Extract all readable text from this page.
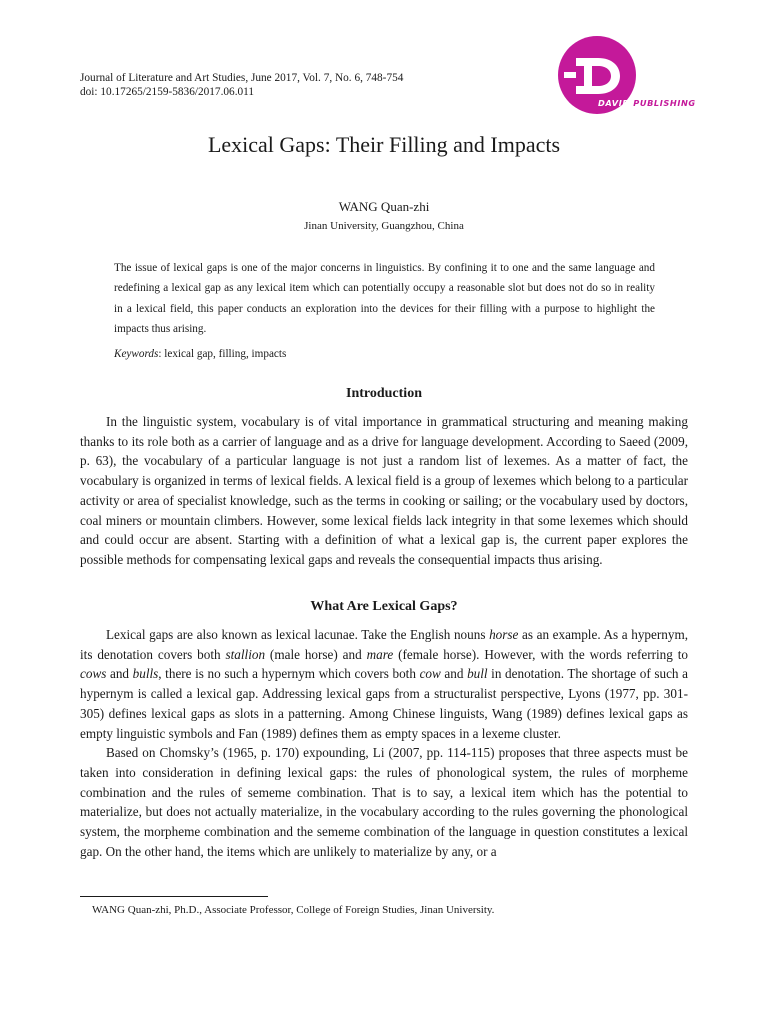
Journal of Literature and Art Studies, June 2017, Vol. 7, No. 6, 748-754
doi: 10.17265/2159-5836/2017.06.011
DAVID PUBLISHING
Lexical Gaps: Their Filling and Impacts
WANG Quan-zhi
Jinan University, Guangzhou, China
The issue of lexical gaps is one of the major concerns in linguistics. By confining it to one and the same language and redefining a lexical gap as any lexical item which can potentially occupy a reasonable slot but does not do so in reality in a lexical field, this paper conducts an exploration into the devices for their filling with a purpose to highlight the impacts thus arising.
Keywords: lexical gap, filling, impacts
Introduction

In the linguistic system, vocabulary is of vital importance in grammatical structuring and meaning making thanks to its role both as a carrier of language and as a drive for language development. According to Saeed (2009, p. 63), the vocabulary of a particular language is not just a random list of lexemes. As a matter of fact, the vocabulary is organized in terms of lexical fields. A lexical field is a group of lexemes which belong to a particular activity or area of specialist knowledge, such as the terms in cooking or sailing; or the vocabulary used by doctors, coal miners or mountain climbers. However, some lexical fields lack integrity in that some lexemes which should and could occur are absent. Starting with a definition of what a lexical gap is, the current paper explores the possible methods for compensating lexical gaps and reveals the consequential impacts thus arising.

What Are Lexical Gaps?

Lexical gaps are also known as lexical lacunae. Take the English nouns horse as an example. As a hypernym, its denotation covers both stallion (male horse) and mare (female horse). However, with the words referring to cows and bulls, there is no such a hypernym which covers both cow and bull in denotation. The shortage of such a hypernym is called a lexical gap. Addressing lexical gaps from a structuralist perspective, Lyons (1977, pp. 301-305) defines lexical gaps as slots in a patterning. Among Chinese linguists, Wang (1989) defines lexical gaps as empty linguistic symbols and Fan (1989) defines them as empty spaces in a lexeme cluster.

Based on Chomsky’s (1965, p. 170) expounding, Li (2007, pp. 114-115) proposes that three aspects must be taken into consideration in defining lexical gaps: the rules of phonological system, the rules of morpheme combination and the rules of sememe combination. That is to say, a lexical item which has the potential to materialize, but does not actually materialize, in the vocabulary according to the rules governing the phonological system, the morpheme combination and the sememe combination of the language in question constitutes a lexical gap. On the other hand, the items which are unlikely to materialize by any, or a

WANG Quan-zhi, Ph.D., Associate Professor, College of Foreign Studies, Jinan University.
